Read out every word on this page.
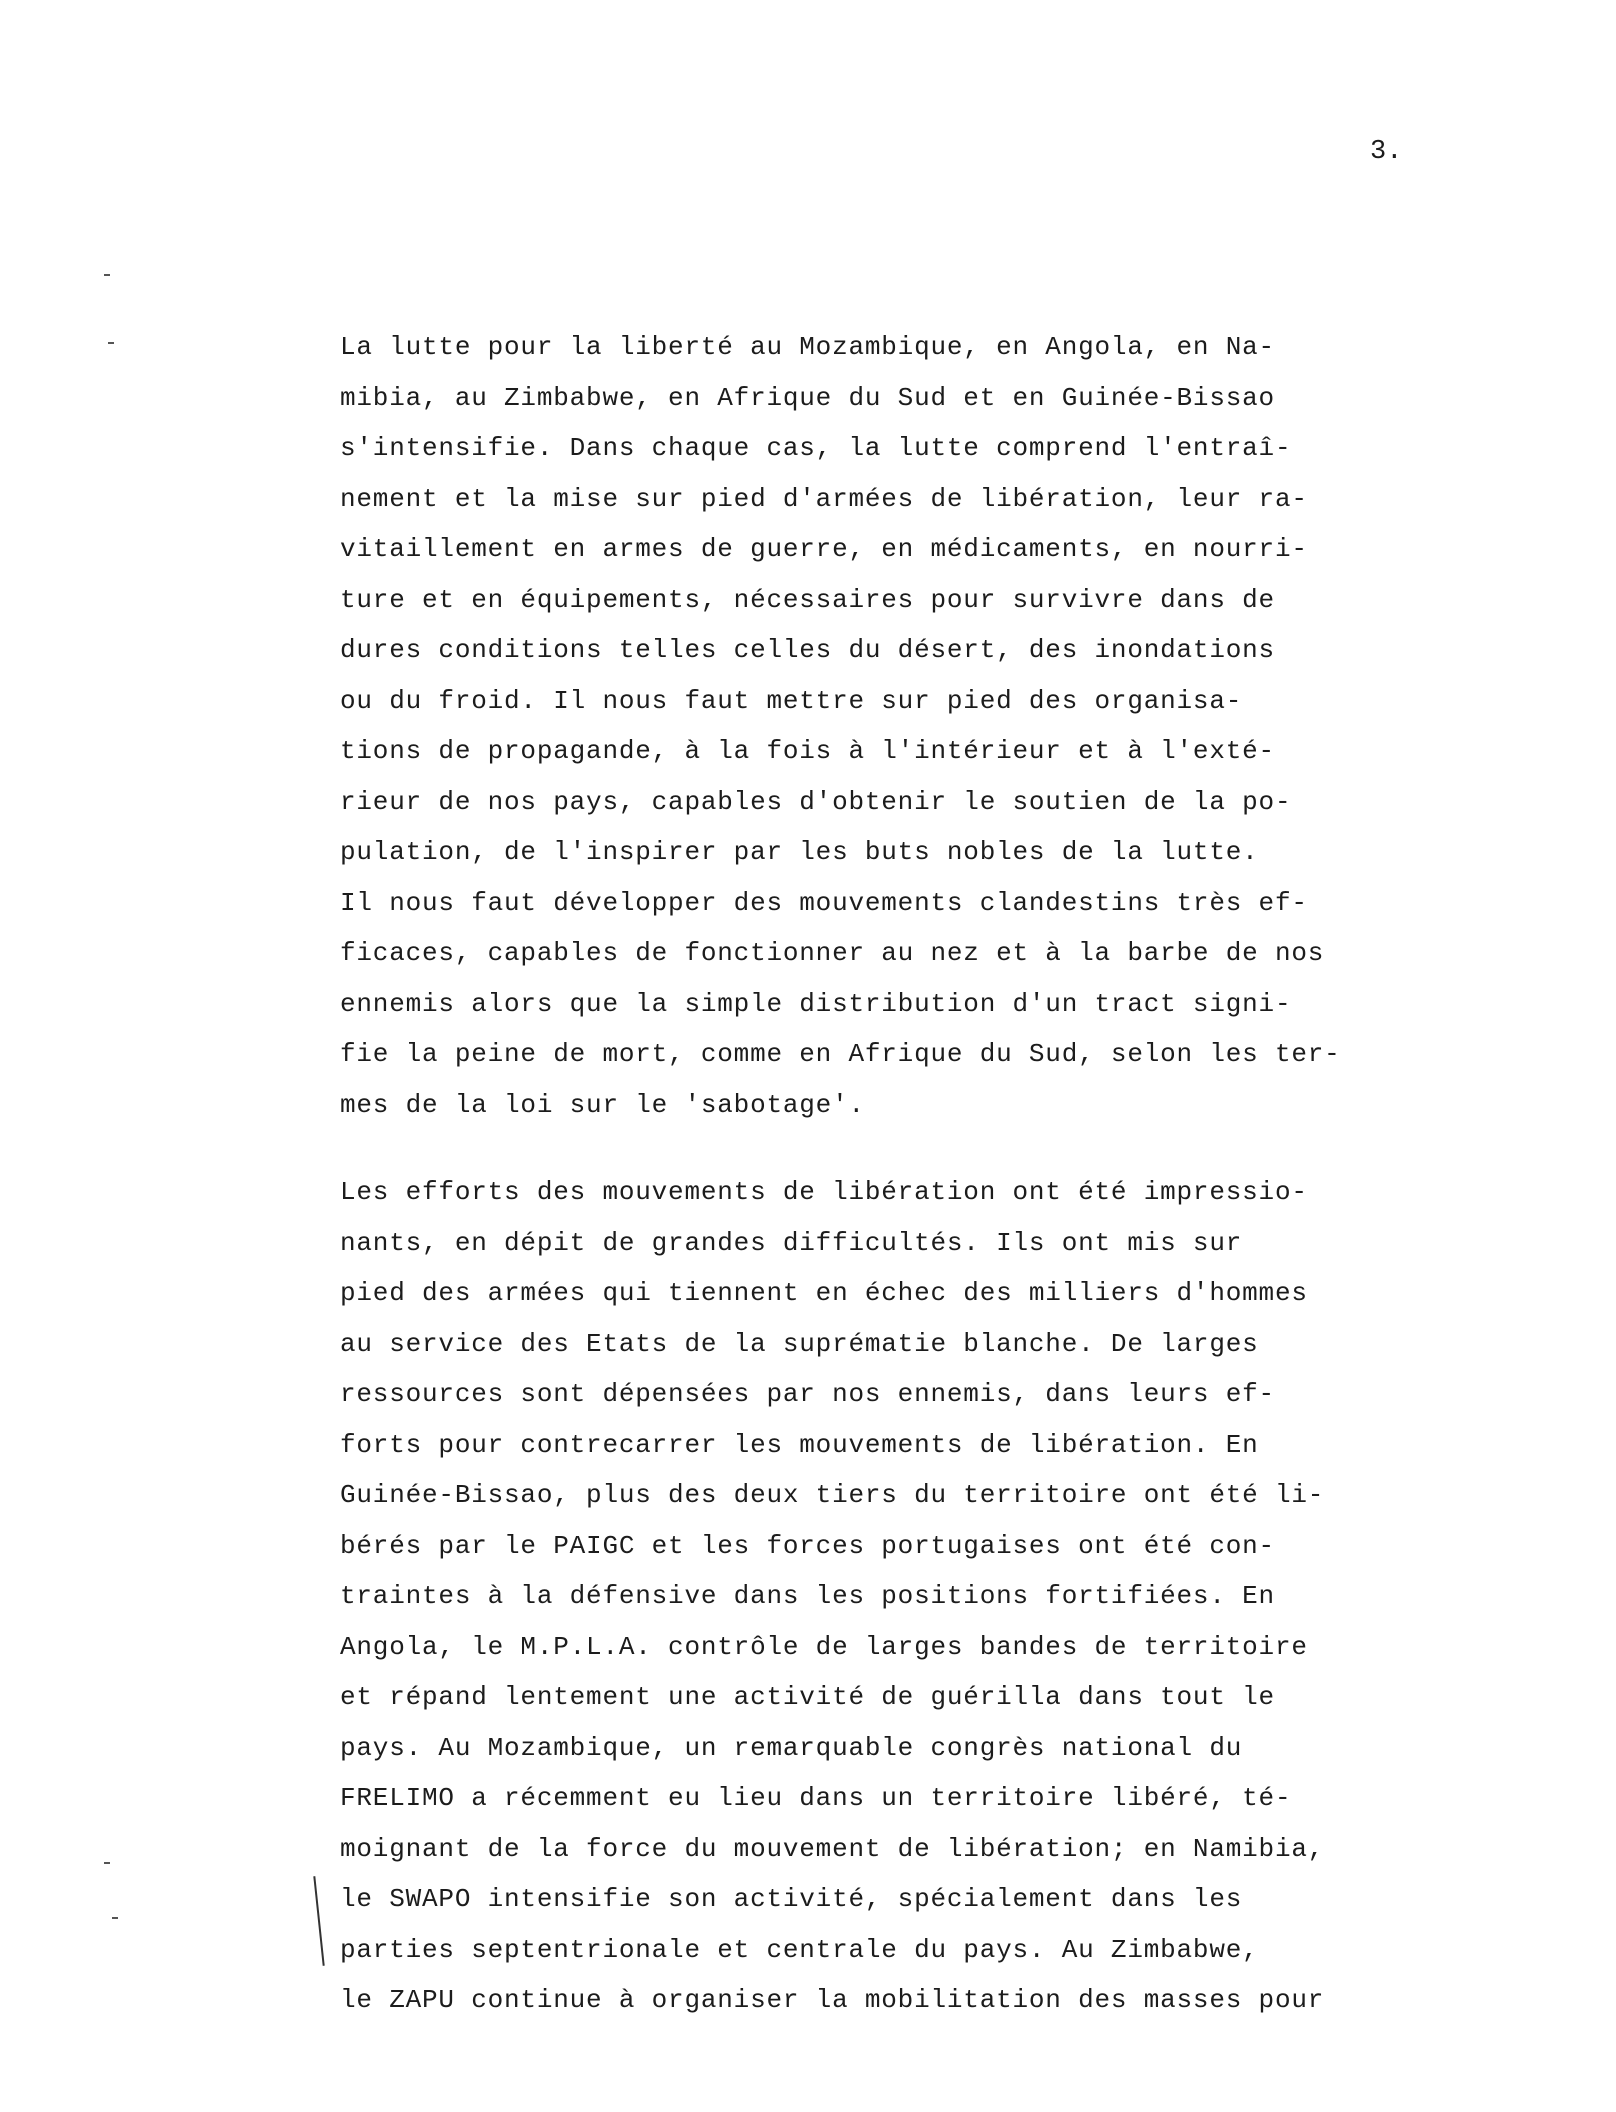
3.
La lutte pour la liberté au Mozambique, en Angola, en Na-
mibia, au Zimbabwe, en Afrique du Sud et en Guinée-Bissao
s'intensifie. Dans chaque cas, la lutte comprend l'entraî-
nement et la mise sur pied d'armées de libération, leur ra-
vitaillement en armes de guerre, en médicaments, en nourri-
ture et en équipements, nécessaires pour survivre dans de
dures conditions telles celles du désert, des inondations
ou du froid. Il nous faut mettre sur pied des organisa-
tions de propagande, à la fois à l'intérieur et à l'exté-
rieur de nos pays, capables d'obtenir le soutien de la po-
pulation, de l'inspirer par les buts nobles de la lutte.
Il nous faut développer des mouvements clandestins très ef-
ficaces, capables de fonctionner au nez et à la barbe de nos
ennemis alors que la simple distribution d'un tract signi-
fie la peine de mort, comme en Afrique du Sud, selon les ter-
mes de la loi sur le 'sabotage'.
Les efforts des mouvements de libération ont été impressio-
nants, en dépit de grandes difficultés. Ils ont mis sur
pied des armées qui tiennent en échec des milliers d'hommes
au service des Etats de la suprématie blanche. De larges
ressources sont dépensées par nos ennemis, dans leurs ef-
forts pour contrecarrer les mouvements de libération. En
Guinée-Bissao, plus des deux tiers du territoire ont été li-
bérés par le PAIGC et les forces portugaises ont été con-
traintes à la défensive dans les positions fortifiées. En
Angola, le M.P.L.A. contrôle de larges bandes de territoire
et répand lentement une activité de guérilla dans tout le
pays. Au Mozambique, un remarquable congrès national du
FRELIMO a récemment eu lieu dans un territoire libéré, té-
moignant de la force du mouvement de libération; en Namibia,
le SWAPO intensifie son activité, spécialement dans les
parties septentrionale et centrale du pays. Au Zimbabwe,
le ZAPU continue à organiser la mobilitation des masses pour
